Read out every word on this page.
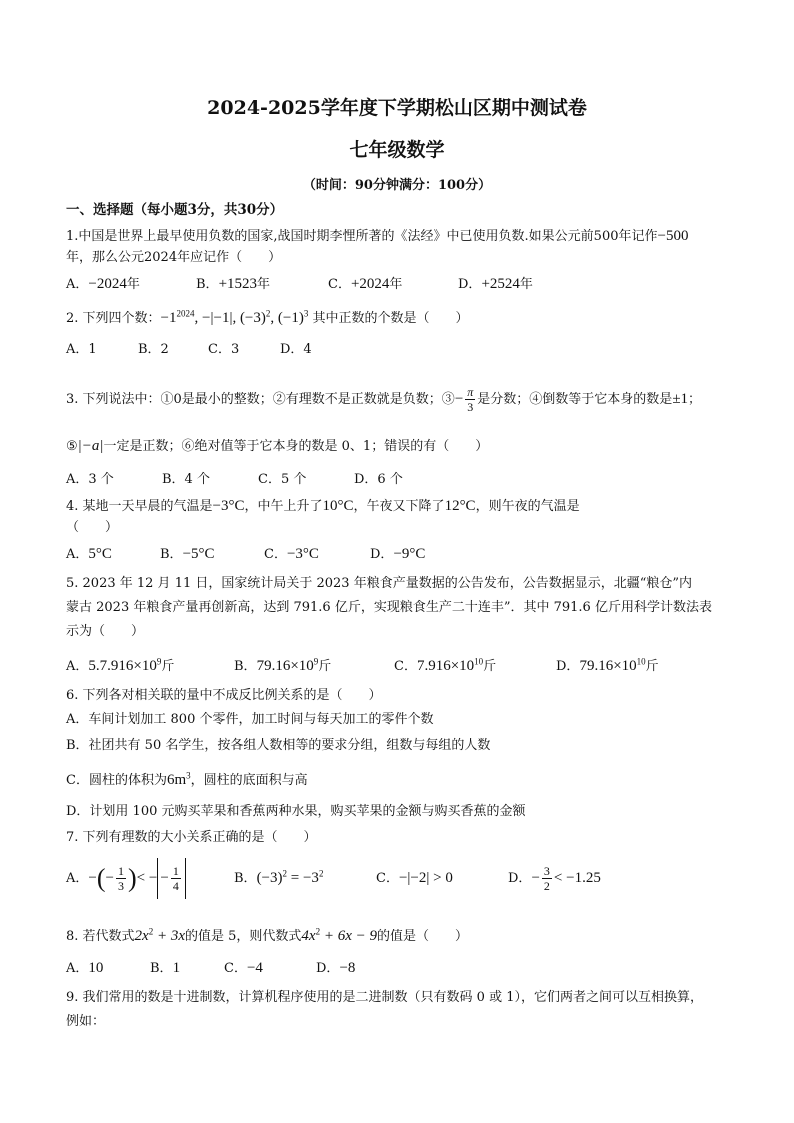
2024-2025学年度下学期松山区期中测试卷
七年级数学
（时间：90分钟满分：100分）
一、选择题（每小题3分，共30分）
1.中国是世界上最早使用负数的国家,战国时期李悝所著的《法经》中已使用负数.如果公元前500年记作−500
年，那么公元2024年应记作（　　）
A．−2024年	B．+1523年	C．+2024年	D．+2524年
2. 下列四个数：$-1^{2024}$, −|−1|, $(-3)^2$, $(-1)^3$ 其中正数的个数是（　　）
A．1	B．2	C．3	D．4
3. 下列说法中：①0是最小的整数；②有理数不是正数就是负数；③− $\frac{\pi}{3}$ 是分数；④倒数等于它本身的数是±1；
⑤|−a|一定是正数；⑥绝对值等于它本身的数是 0、1；错误的有（　　）
A．3 个	B．4 个	C．5 个	D．6 个
4. 某地一天早晨的气温是−3°C，中午上升了10°C，午夜又下降了12°C，则午夜的气温是
（　　）
A．5°C	B．−5°C	C．−3°C	D．−9°C
5. 2023 年 12 月 11 日，国家统计局关于 2023 年粮食产量数据的公告发布，公告数据显示，北疆“粮仓”内
蒙古 2023 年粮食产量再创新高，达到 791.6 亿斤，实现粮食生产二十连丰”．其中 791.6 亿斤用科学计数法表
示为（　　）
A．$5.7.916\times 10^9$斤	B．$79.16\times 10^9$斤	C．$7.916\times 10^{10}$斤	D．$79.16\times 10^{10}$斤
6. 下列各对相关联的量中不成反比例关系的是（　　）
A．车间计划加工 800 个零件，加工时间与每天加工的零件个数
B．社团共有 50 名学生，按各组人数相等的要求分组，组数与每组的人数
C．圆柱的体积为$6m^3$，圆柱的底面积与高
D．计划用 100 元购买苹果和香蕉两种水果，购买苹果的金额与购买香蕉的金额
7. 下列有理数的大小关系正确的是（　　）
A．−(− $\frac{1}{3}$ )< − − $\frac{1}{4}$	B．$(-3)^2 = -3^2$	C．−|−2| > 0	D．− $\frac{3}{2} < -1.25$
8. 若代数式$2x^2 + 3x$的值是 5，则代数式$4x^2 + 6x - 9$的值是（　　）
A．10	B．1	C．−4	D．−8
9. 我们常用的数是十进制数，计算机程序使用的是二进制数（只有数码 0 或 1），它们两者之间可以互相换算，
例如：
